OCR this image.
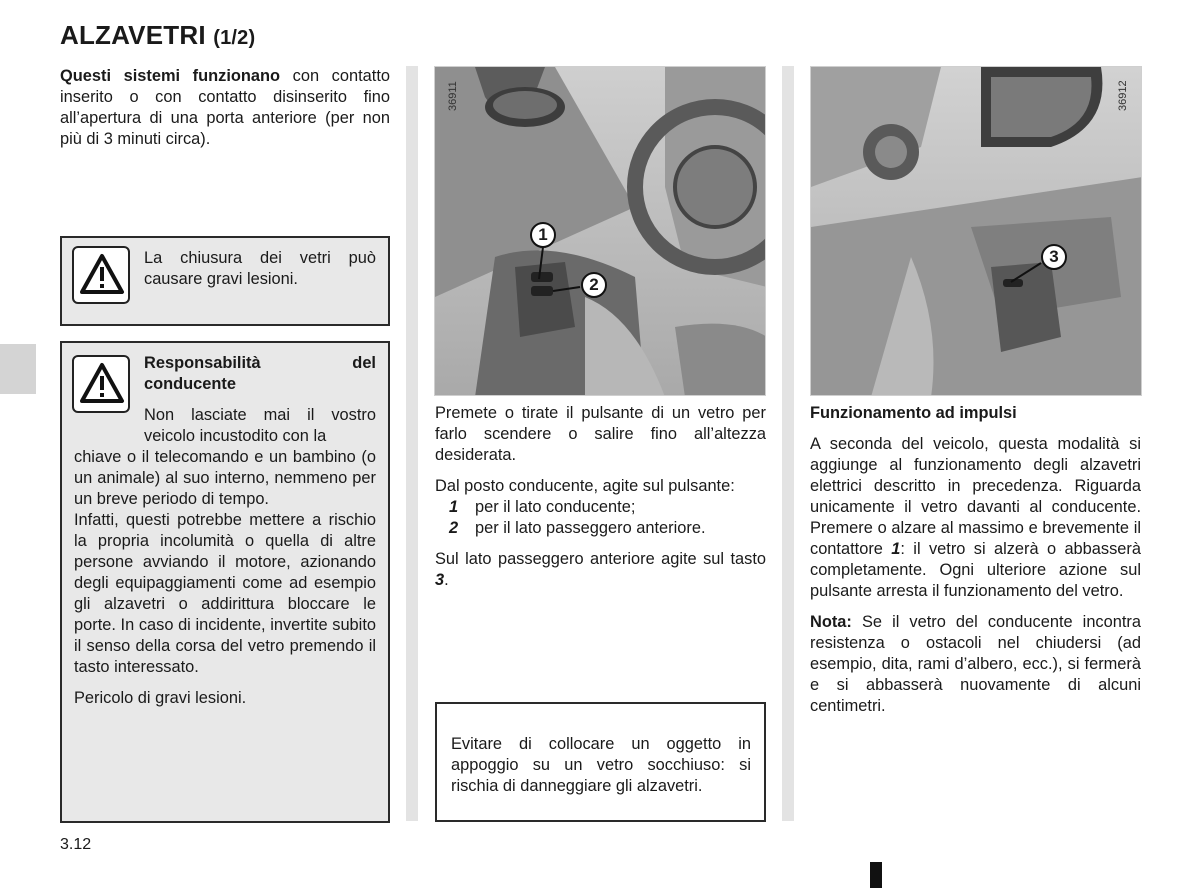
ALZAVETRI (1/2)
Questi sistemi funzionano con contatto inserito o con contatto disinserito fino all’apertura di una porta anteriore (per non più di 3 minuti circa).
La chiusura dei vetri può causare gravi lesioni.
Responsabilità del conducente
Non lasciate mai il vostro veicolo incustodito con la
chiave o il telecomando e un bambino (o un animale) al suo interno, nemmeno per un breve periodo di tempo.
Infatti, questi potrebbe mettere a rischio la propria incolumità o quella di altre persone avviando il motore, azionando degli equipaggiamenti come ad esempio gli alzavetri o addirittura bloccare le porte. In caso di incidente, invertite subito il senso della corsa del vetro premendo il tasto interessato.
Pericolo di gravi lesioni.
1
2
36911
3
36912
Premete o tirate il pulsante di un vetro per farlo scendere o salire fino all’altezza desiderata.
Dal posto conducente, agite sul pulsante:
1	per il lato conducente;
2	per il lato passeggero anteriore.
Sul lato passeggero anteriore agite sul tasto 3.
Evitare di collocare un oggetto in appoggio su un vetro socchiuso: si rischia di danneggiare gli alzavetri.
Funzionamento ad impulsi
A seconda del veicolo, questa modalità si aggiunge al funzionamento degli alzavetri elettrici descritto in precedenza. Riguarda unicamente il vetro davanti al conducente. Premere o alzare al massimo e brevemente il contattore 1: il vetro si alzerà o abbasserà completamente. Ogni ulteriore azione sul pulsante arresta il funzionamento del vetro.
Nota: Se il vetro del conducente incontra resistenza o ostacoli nel chiudersi (ad esempio, dita, rami d’albero, ecc.), si fermerà e si abbasserà nuovamente di alcuni centimetri.
3.12
